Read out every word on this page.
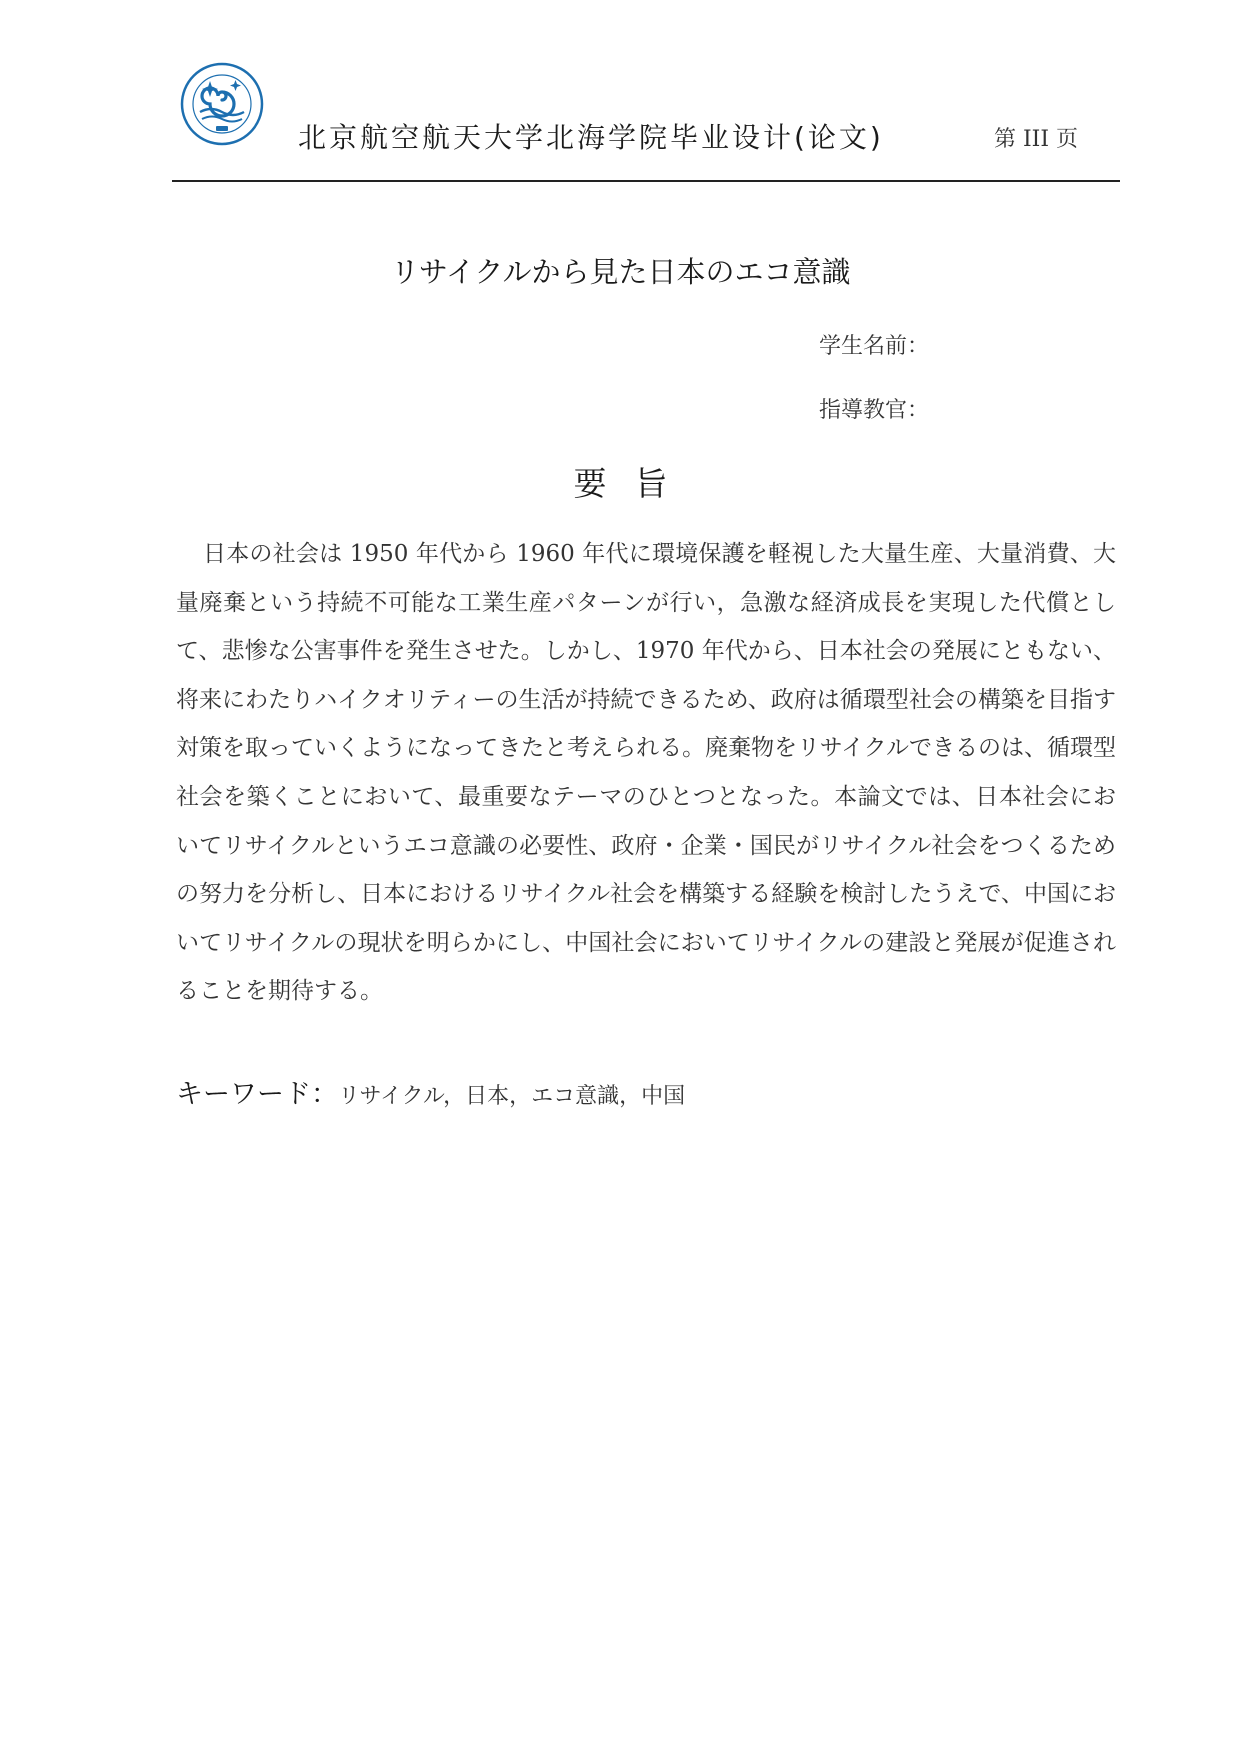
北京航空航天大学北海学院毕业设计(论文)	第 III 页
リサイクルから見た日本のエコ意識
学生名前：
指導教官：
要旨

日本の社会は 1950 年代から 1960 年代に環境保護を軽視した大量生産、大量消費、大量廃棄という持続不可能な工業生産パターンが行い，急激な経済成長を実現した代償として、悲惨な公害事件を発生させた。しかし、1970 年代から、日本社会の発展にともない、将来にわたりハイクオリティーの生活が持続できるため、政府は循環型社会の構築を目指す対策を取っていくようになってきたと考えられる。廃棄物をリサイクルできるのは、循環型社会を築くことにおいて、最重要なテーマのひとつとなった。本論文では、日本社会においてリサイクルというエコ意識の必要性、政府・企業・国民がリサイクル社会をつくるための努力を分析し、日本におけるリサイクル社会を構築する経験を検討したうえで、中国においてリサイクルの現状を明らかにし、中国社会においてリサイクルの建設と発展が促進されることを期待する。

キーワード：リサイクル，日本，エコ意識，中国
